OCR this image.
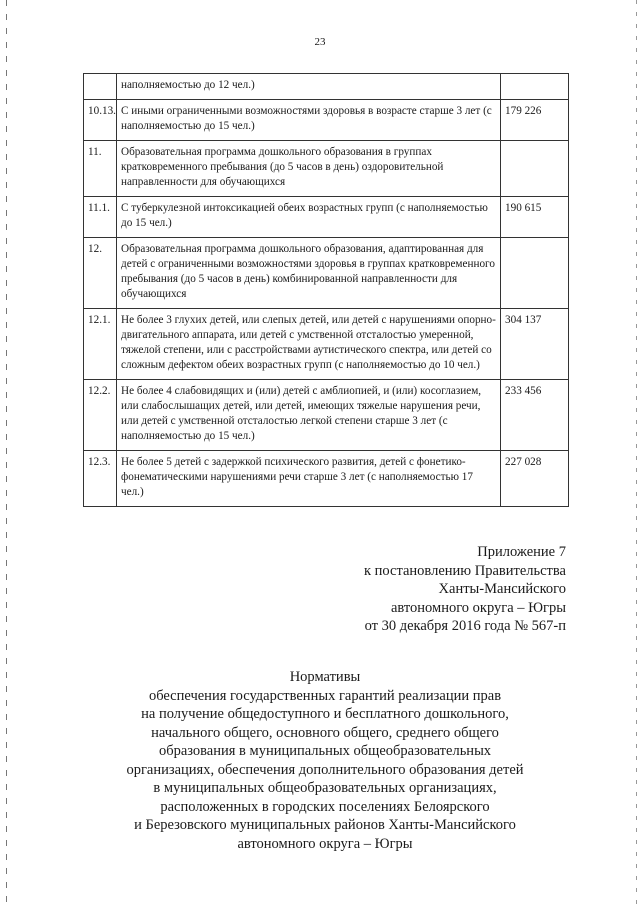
23
	наполняемостью до 12 чел.)	
10.13.	С иными ограниченными возможностями здоровья в возрасте старше 3 лет (с наполняемостью до 15 чел.)	179 226
11.	Образовательная программа дошкольного образования в группах кратковременного пребывания (до 5 часов в день) оздоровительной направленности для обучающихся	
11.1.	С туберкулезной интоксикацией обеих возрастных групп (с наполняемостью до 15 чел.)	190 615
12.	Образовательная программа дошкольного образования, адаптированная для детей с ограниченными возможностями здоровья в группах кратковременного пребывания (до 5 часов в день) комбинированной направленности для обучающихся	
12.1.	Не более 3 глухих детей, или слепых детей, или детей с нарушениями опорно-двигательного аппарата, или детей с умственной отсталостью умеренной, тяжелой степени, или с расстройствами аутистического спектра, или детей со сложным дефектом обеих возрастных групп (с наполняемостью до 10 чел.)	304 137
12.2.	Не более 4 слабовидящих и (или) детей с амблиопией, и (или) косоглазием, или слабослышащих детей, или детей, имеющих тяжелые нарушения речи, или детей с умственной отсталостью легкой степени старше 3 лет (с наполняемостью до 15 чел.)	233 456
12.3.	Не более 5 детей с задержкой психического развития, детей с фонетико-фонематическими нарушениями речи старше 3 лет (с наполняемостью 17 чел.)	227 028
Приложение 7
к постановлению Правительства
Ханты-Мансийского
автономного округа – Югры
от 30 декабря 2016 года № 567-п
Нормативы
обеспечения государственных гарантий реализации прав
на получение общедоступного и бесплатного дошкольного,
начального общего, основного общего, среднего общего
образования в муниципальных общеобразовательных
организациях, обеспечения дополнительного образования детей
в муниципальных общеобразовательных организациях,
расположенных в городских поселениях Белоярского
и Березовского муниципальных районов Ханты-Мансийского
автономного округа – Югры
